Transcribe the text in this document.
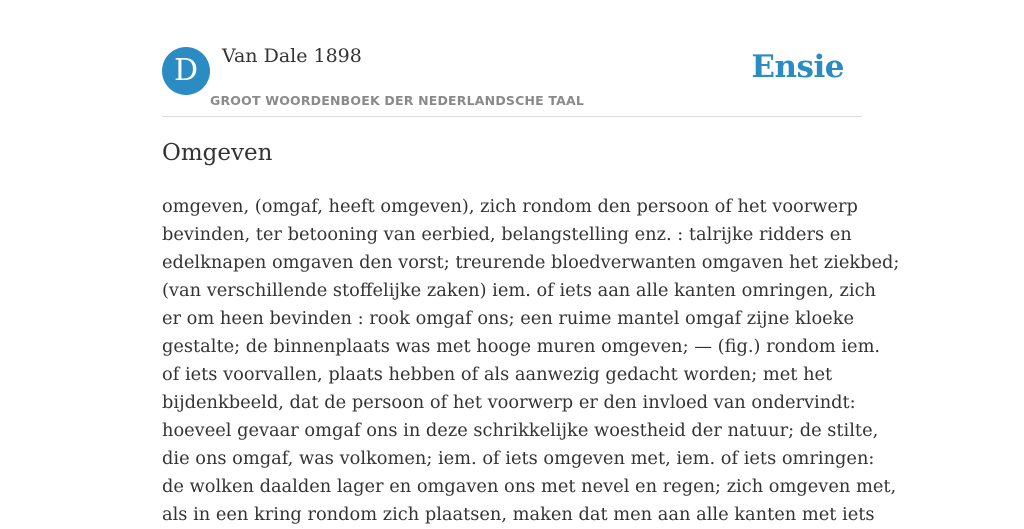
D	Van Dale 1898
GROOT WOORDENBOEK DER NEDERLANDSCHE TAAL
Ensie
Omgeven
omgeven, (omgaf, heeft omgeven), zich rondom den persoon of het voorwerp
bevinden, ter betooning van eerbied, belangstelling enz. : talrijke ridders en
edelknapen omgaven den vorst; treurende bloedverwanten omgaven het ziekbed;
(van verschillende stoffelijke zaken) iem. of iets aan alle kanten omringen, zich
er om heen bevinden : rook omgaf ons; een ruime mantel omgaf zijne kloeke
gestalte; de binnenplaats was met hooge muren omgeven; — (fig.) rondom iem.
of iets voorvallen, plaats hebben of als aanwezig gedacht worden; met het
bijdenkbeeld, dat de persoon of het voorwerp er den invloed van ondervindt:
hoeveel gevaar omgaf ons in deze schrikkelijke woestheid der natuur; de stilte,
die ons omgaf, was volkomen; iem. of iets omgeven met, iem. of iets omringen:
de wolken daalden lager en omgaven ons met nevel en regen; zich omgeven met,
als in een kring rondom zich plaatsen, maken dat men aan alle kanten met iets
